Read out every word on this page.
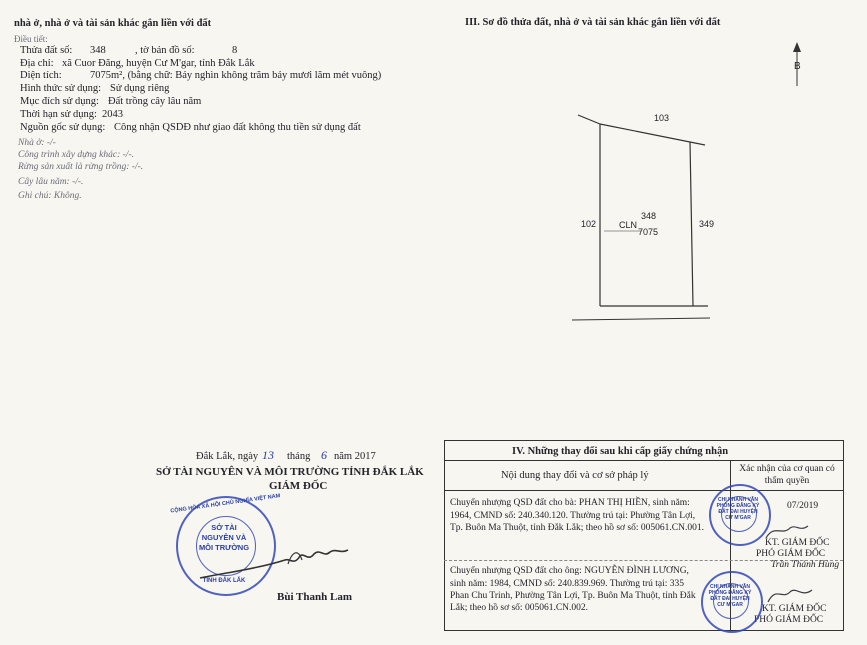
nhà ở, nhà ở và tài sản khác gắn liền với đất
Điều tiết:
Thửa đất số: 348	, tờ bản đồ số:	8
Địa chỉ: xã Cuor Đăng, huyện Cư M'gar, tỉnh Đắk Lắk
Diện tích:	7075m², (bằng chữ: Bảy nghìn không trăm bảy mươi lăm mét vuông)
Hình thức sử dụng: Sử dụng riêng
Mục đích sử dụng: Đất trồng cây lâu năm
Thời hạn sử dụng: 2043
Nguồn gốc sử dụng: Công nhận QSDĐ như giao đất không thu tiền sử dụng đất
Nhà ở: -/-
Công trình xây dựng khác: -/-.
Rừng sản xuất là rừng trồng: -/-.
Cây lâu năm: -/-.
Ghi chú: Không.
III. Sơ đồ thửa đất, nhà ở và tài sản khác gắn liền với đất
B
103
102	349
CLN
348
7075
Đắk Lắk, ngày 13 tháng 6 năm 2017
SỞ TÀI NGUYÊN VÀ MÔI TRƯỜNG TỈNH ĐẮK LẮK
GIÁM ĐỐC
SỞ TÀI NGUYÊN VÀ MÔI TRƯỜNG
CỘNG HÒA XÃ HỘI CHỦ NGHĨA VIỆT NAM
TỈNH ĐẮK LẮK
Bùi Thanh Lam
IV. Những thay đổi sau khi cấp giấy chứng nhận
Nội dung thay đổi và cơ sở pháp lý
Xác nhận của cơ quan có thẩm quyền
Chuyển nhượng QSD đất cho bà: PHAN THỊ HIỀN, sinh năm:
1964, CMND số: 240.340.120. Thường trú tại: Phường Tân Lợi,
Tp. Buôn Ma Thuột, tỉnh Đắk Lắk; theo hồ sơ số: 005061.CN.001.
07/2019
KT. GIÁM ĐỐC
PHÓ GIÁM ĐỐC
Trần Thành Hùng
Chuyển nhượng QSD đất cho ông: NGUYỄN ĐÌNH LƯƠNG,
sinh năm: 1984, CMND số: 240.839.969. Thường trú tại: 335
Phan Chu Trinh, Phường Tân Lợi, Tp. Buôn Ma Thuột, tỉnh Đắk
Lắk; theo hồ sơ số: 005061.CN.002.	KT. GIÁM ĐỐC
PHÓ GIÁM ĐỐC
CHI NHÁNH VĂN PHÒNG ĐĂNG KÝ ĐẤT ĐAI HUYỆN CƯ M'GAR
CHI NHÁNH VĂN PHÒNG ĐĂNG KÝ ĐẤT ĐAI HUYỆN CƯ M'GAR
